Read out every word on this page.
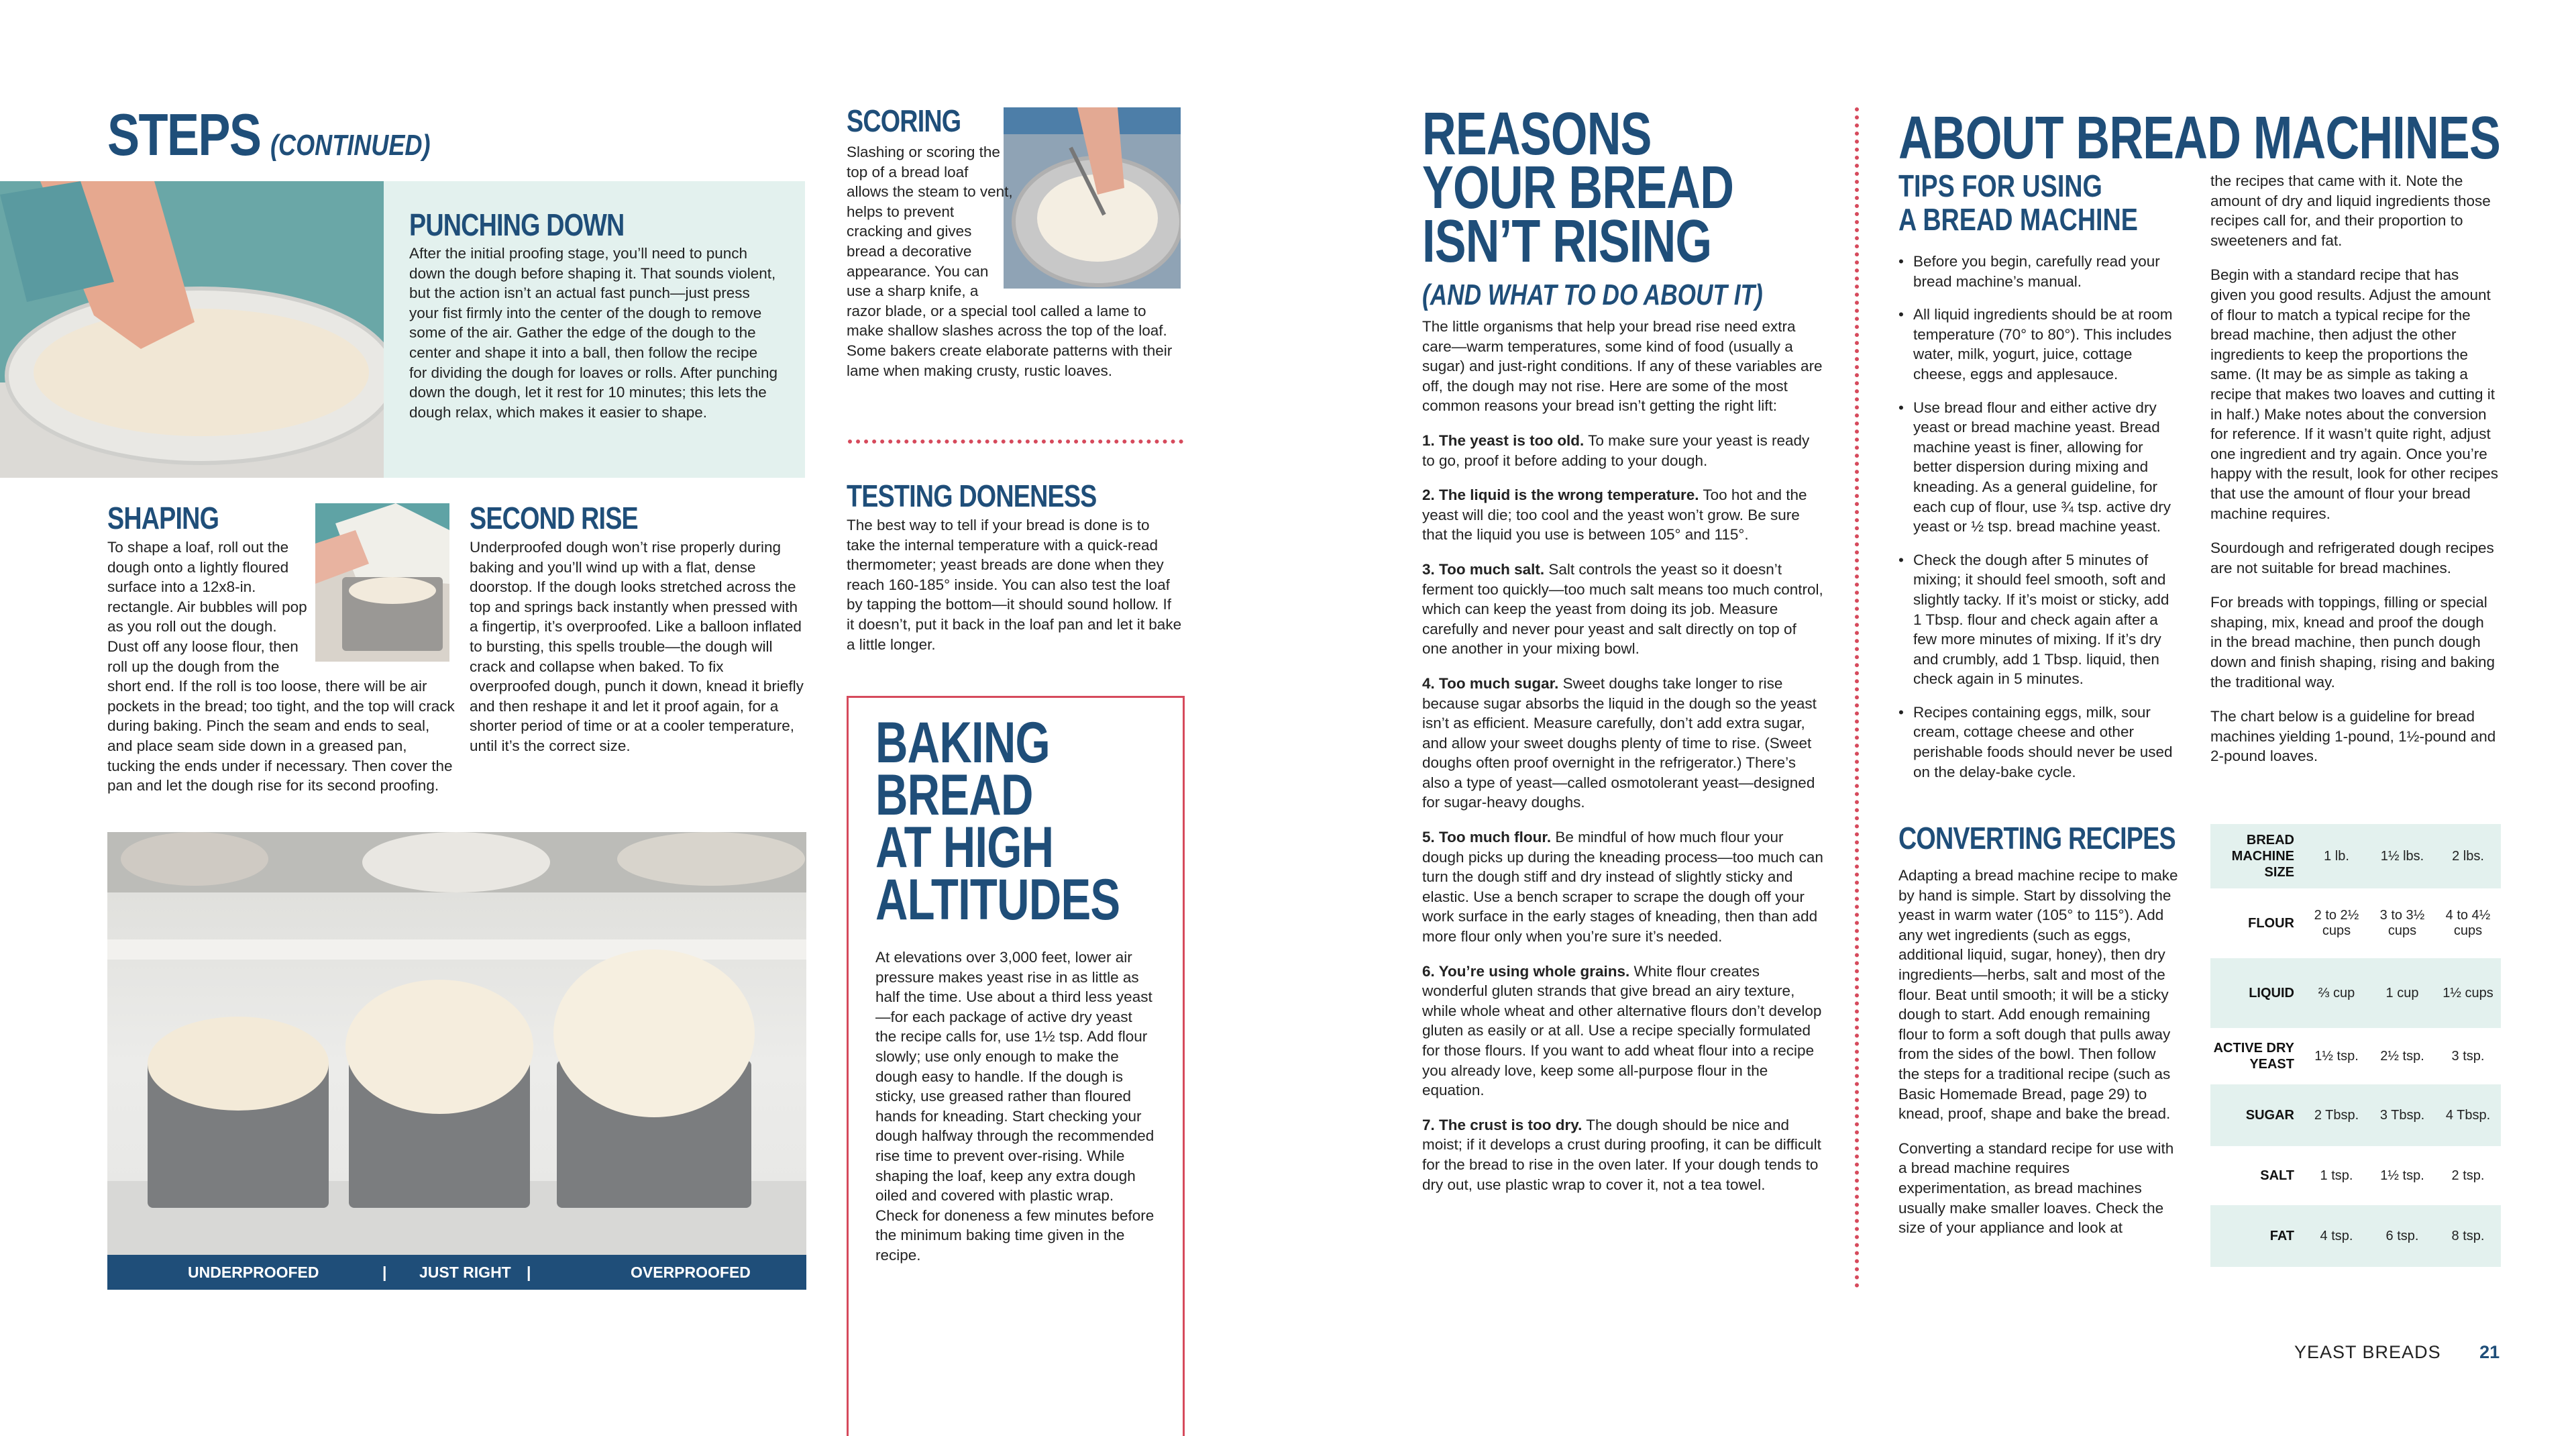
STEPS (CONTINUED)
PUNCHING DOWN
After the initial proofing stage, you’ll need to punch down the dough before shaping it. That sounds violent, but the action isn’t an actual fast punch—just press your fist firmly into the center of the dough to remove some of the air. Gather the edge of the dough to the center and shape it into a ball, then follow the recipe for dividing the dough for loaves or rolls. After punching down the dough, let it rest for 10 minutes; this lets the dough relax, which makes it easier to shape.
SHAPING
To shape a loaf, roll out the dough onto a lightly floured surface into a 12x8-in. rectangle. Air bubbles will pop as you roll out the dough. Dust off any loose flour, then roll up the dough from the short end. If the roll is too loose, there will be air pockets in the bread; too tight, and the top will crack during baking. Pinch the seam and ends to seal, and place seam side down in a greased pan, tucking the ends under if necessary. Then cover the pan and let the dough rise for its second proofing.
SECOND RISE
Underproofed dough won’t rise properly during baking and you’ll wind up with a flat, dense doorstop. If the dough looks stretched across the top and springs back instantly when pressed with a fingertip, it’s overproofed. Like a balloon inflated to bursting, this spells trouble—the dough will crack and collapse when baked. To fix overproofed dough, punch it down, knead it briefly and then reshape it and let it proof again, for a shorter period of time or at a cooler temperature, until it’s the correct size.
UNDERPROOFED	| JUST RIGHT |	OVERPROOFED
SCORING
Slashing or scoring the top of a bread loaf allows the steam to vent, helps to prevent cracking and gives bread a decorative appearance. You can use a sharp knife, a razor blade, or a special tool called a lame to make shallow slashes across the top of the loaf. Some bakers create elaborate patterns with their lame when making crusty, rustic loaves.
TESTING DONENESS
The best way to tell if your bread is done is to take the internal temperature with a quick-read thermometer; yeast breads are done when they reach 160-185° inside. You can also test the loaf by tapping the bottom—it should sound hollow. If it doesn’t, put it back in the loaf pan and let it bake a little longer.
BAKING
BREAD
AT HIGH
ALTITUDES
At elevations over 3,000 feet, lower air pressure makes yeast rise in as little as half the time. Use about a third less yeast—for each package of active dry yeast the recipe calls for, use 1½ tsp. Add flour slowly; use only enough to make the dough easy to handle. If the dough is sticky, use greased rather than floured hands for kneading. Start checking your dough halfway through the recommended rise time to prevent over-rising. While shaping the loaf, keep any extra dough oiled and covered with plastic wrap. Check for doneness a few minutes before the minimum baking time given in the recipe.
REASONS
YOUR BREAD
ISN’T RISING
(AND WHAT TO DO ABOUT IT)

The little organisms that help your bread rise need extra care—warm temperatures, some kind of food (usually a sugar) and just-right conditions. If any of these variables are off, the dough may not rise. Here are some of the most common reasons your bread isn’t getting the right lift:

1. The yeast is too old. To make sure your yeast is ready to go, proof it before adding to your dough.

2. The liquid is the wrong temperature. Too hot and the yeast will die; too cool and the yeast won’t grow. Be sure that the liquid you use is between 105° and 115°.

3. Too much salt. Salt controls the yeast so it doesn’t ferment too quickly—too much salt means too much control, which can keep the yeast from doing its job. Measure carefully and never pour yeast and salt directly on top of one another in your mixing bowl.

4. Too much sugar. Sweet doughs take longer to rise because sugar absorbs the liquid in the dough so the yeast isn’t as efficient. Measure carefully, don’t add extra sugar, and allow your sweet doughs plenty of time to rise. (Sweet doughs often proof overnight in the refrigerator.) There’s also a type of yeast—called osmotolerant yeast—designed for sugar-heavy doughs.

5. Too much flour. Be mindful of how much flour your dough picks up during the kneading process—too much can turn the dough stiff and dry instead of slightly sticky and elastic. Use a bench scraper to scrape the dough off your work surface in the early stages of kneading, then than add more flour only when you’re sure it’s needed.

6. You’re using whole grains. White flour creates wonderful gluten strands that give bread an airy texture, while whole wheat and other alternative flours don’t develop gluten as easily or at all. Use a recipe specially formulated for those flours. If you want to add wheat flour into a recipe you already love, keep some all-purpose flour in the equation.

7. The crust is too dry. The dough should be nice and moist; if it develops a crust during proofing, it can be difficult for the bread to rise in the oven later. If your dough tends to dry out, use plastic wrap to cover it, not a tea towel.

ABOUT BREAD MACHINES
TIPS FOR USING
A BREAD MACHINE
• Before you begin, carefully read your bread machine’s manual.
• All liquid ingredients should be at room temperature (70° to 80°). This includes water, milk, yogurt, juice, cottage cheese, eggs and applesauce.
• Use bread flour and either active dry yeast or bread machine yeast. Bread machine yeast is finer, allowing for better dispersion during mixing and kneading. As a general guideline, for each cup of flour, use ¾ tsp. active dry yeast or ½ tsp. bread machine yeast.
• Check the dough after 5 minutes of mixing; it should feel smooth, soft and slightly tacky. If it’s moist or sticky, add 1 Tbsp. flour and check again after a few more minutes of mixing. If it’s dry and crumbly, add 1 Tbsp. liquid, then check again in 5 minutes.
• Recipes containing eggs, milk, sour cream, cottage cheese and other perishable foods should never be used on the delay-bake cycle.
CONVERTING RECIPES

Adapting a bread machine recipe to make by hand is simple. Start by dissolving the yeast in warm water (105° to 115°). Add any wet ingredients (such as eggs, additional liquid, sugar, honey), then dry ingredients—herbs, salt and most of the flour. Beat until smooth; it will be a sticky dough to start. Add enough remaining flour to form a soft dough that pulls away from the sides of the bowl. Then follow the steps for a traditional recipe (such as Basic Homemade Bread, page 29) to knead, proof, shape and bake the bread.

Converting a standard recipe for use with a bread machine requires experimentation, as bread machines usually make smaller loaves. Check the size of your appliance and look at

the recipes that came with it. Note the amount of dry and liquid ingredients those recipes call for, and their proportion to sweeteners and fat.

Begin with a standard recipe that has given you good results. Adjust the amount of flour to match a typical recipe for the bread machine, then adjust the other ingredients to keep the proportions the same. (It may be as simple as taking a recipe that makes two loaves and cutting it in half.) Make notes about the conversion for reference. If it wasn’t quite right, adjust one ingredient and try again. Once you’re happy with the result, look for other recipes that use the amount of flour your bread machine requires.

Sourdough and refrigerated dough recipes are not suitable for bread machines.

For breads with toppings, filling or special shaping, mix, knead and proof the dough in the bread machine, then punch dough down and finish shaping, rising and baking the traditional way.

The chart below is a guideline for bread machines yielding 1-pound, 1½-pound and 2-pound loaves.

BREAD
MACHINE
SIZE	1 lb.	1½ lbs.	2 lbs.
FLOUR	2 to 2½ cups	3 to 3½ cups	4 to 4½ cups
LIQUID	⅔ cup	1 cup	1½ cups
ACTIVE DRY YEAST	1½ tsp.	2½ tsp.	3 tsp.
SUGAR	2 Tbsp.	3 Tbsp.	4 Tbsp.
SALT	1 tsp.	1½ tsp.	2 tsp.
FAT	4 tsp.	6 tsp.	8 tsp.
YEAST BREADS 21
